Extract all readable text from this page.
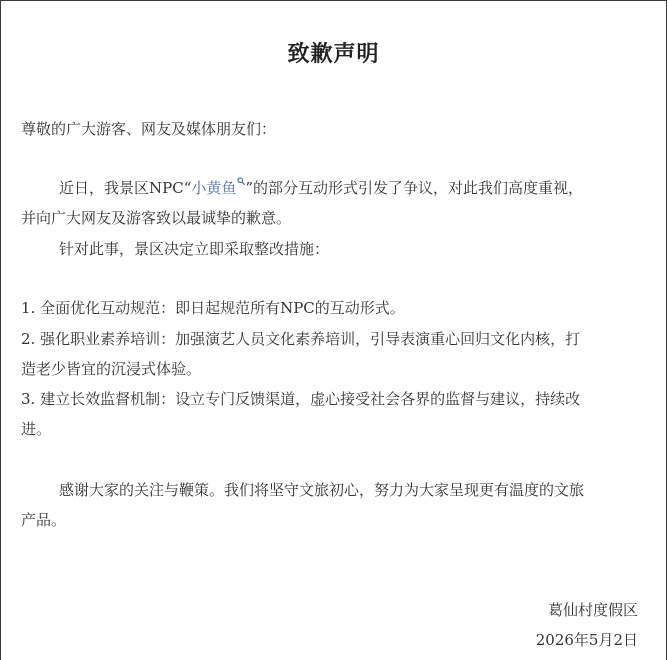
致歉声明
尊敬的广大游客、网友及媒体朋友们：
近日，我景区NPC“小黄鱼 ”的部分互动形式引发了争议，对此我们高度重视，
并向广大网友及游客致以最诚挚的歉意。
针对此事，景区决定立即采取整改措施：
1. 全面优化互动规范：即日起规范所有NPC的互动形式。
2. 强化职业素养培训：加强演艺人员文化素养培训，引导表演重心回归文化内核，打
造老少皆宜的沉浸式体验。
3. 建立长效监督机制：设立专门反馈渠道，虚心接受社会各界的监督与建议，持续改
进。
感谢大家的关注与鞭策。我们将坚守文旅初心，努力为大家呈现更有温度的文旅
产品。
葛仙村度假区
2026年5月2日
